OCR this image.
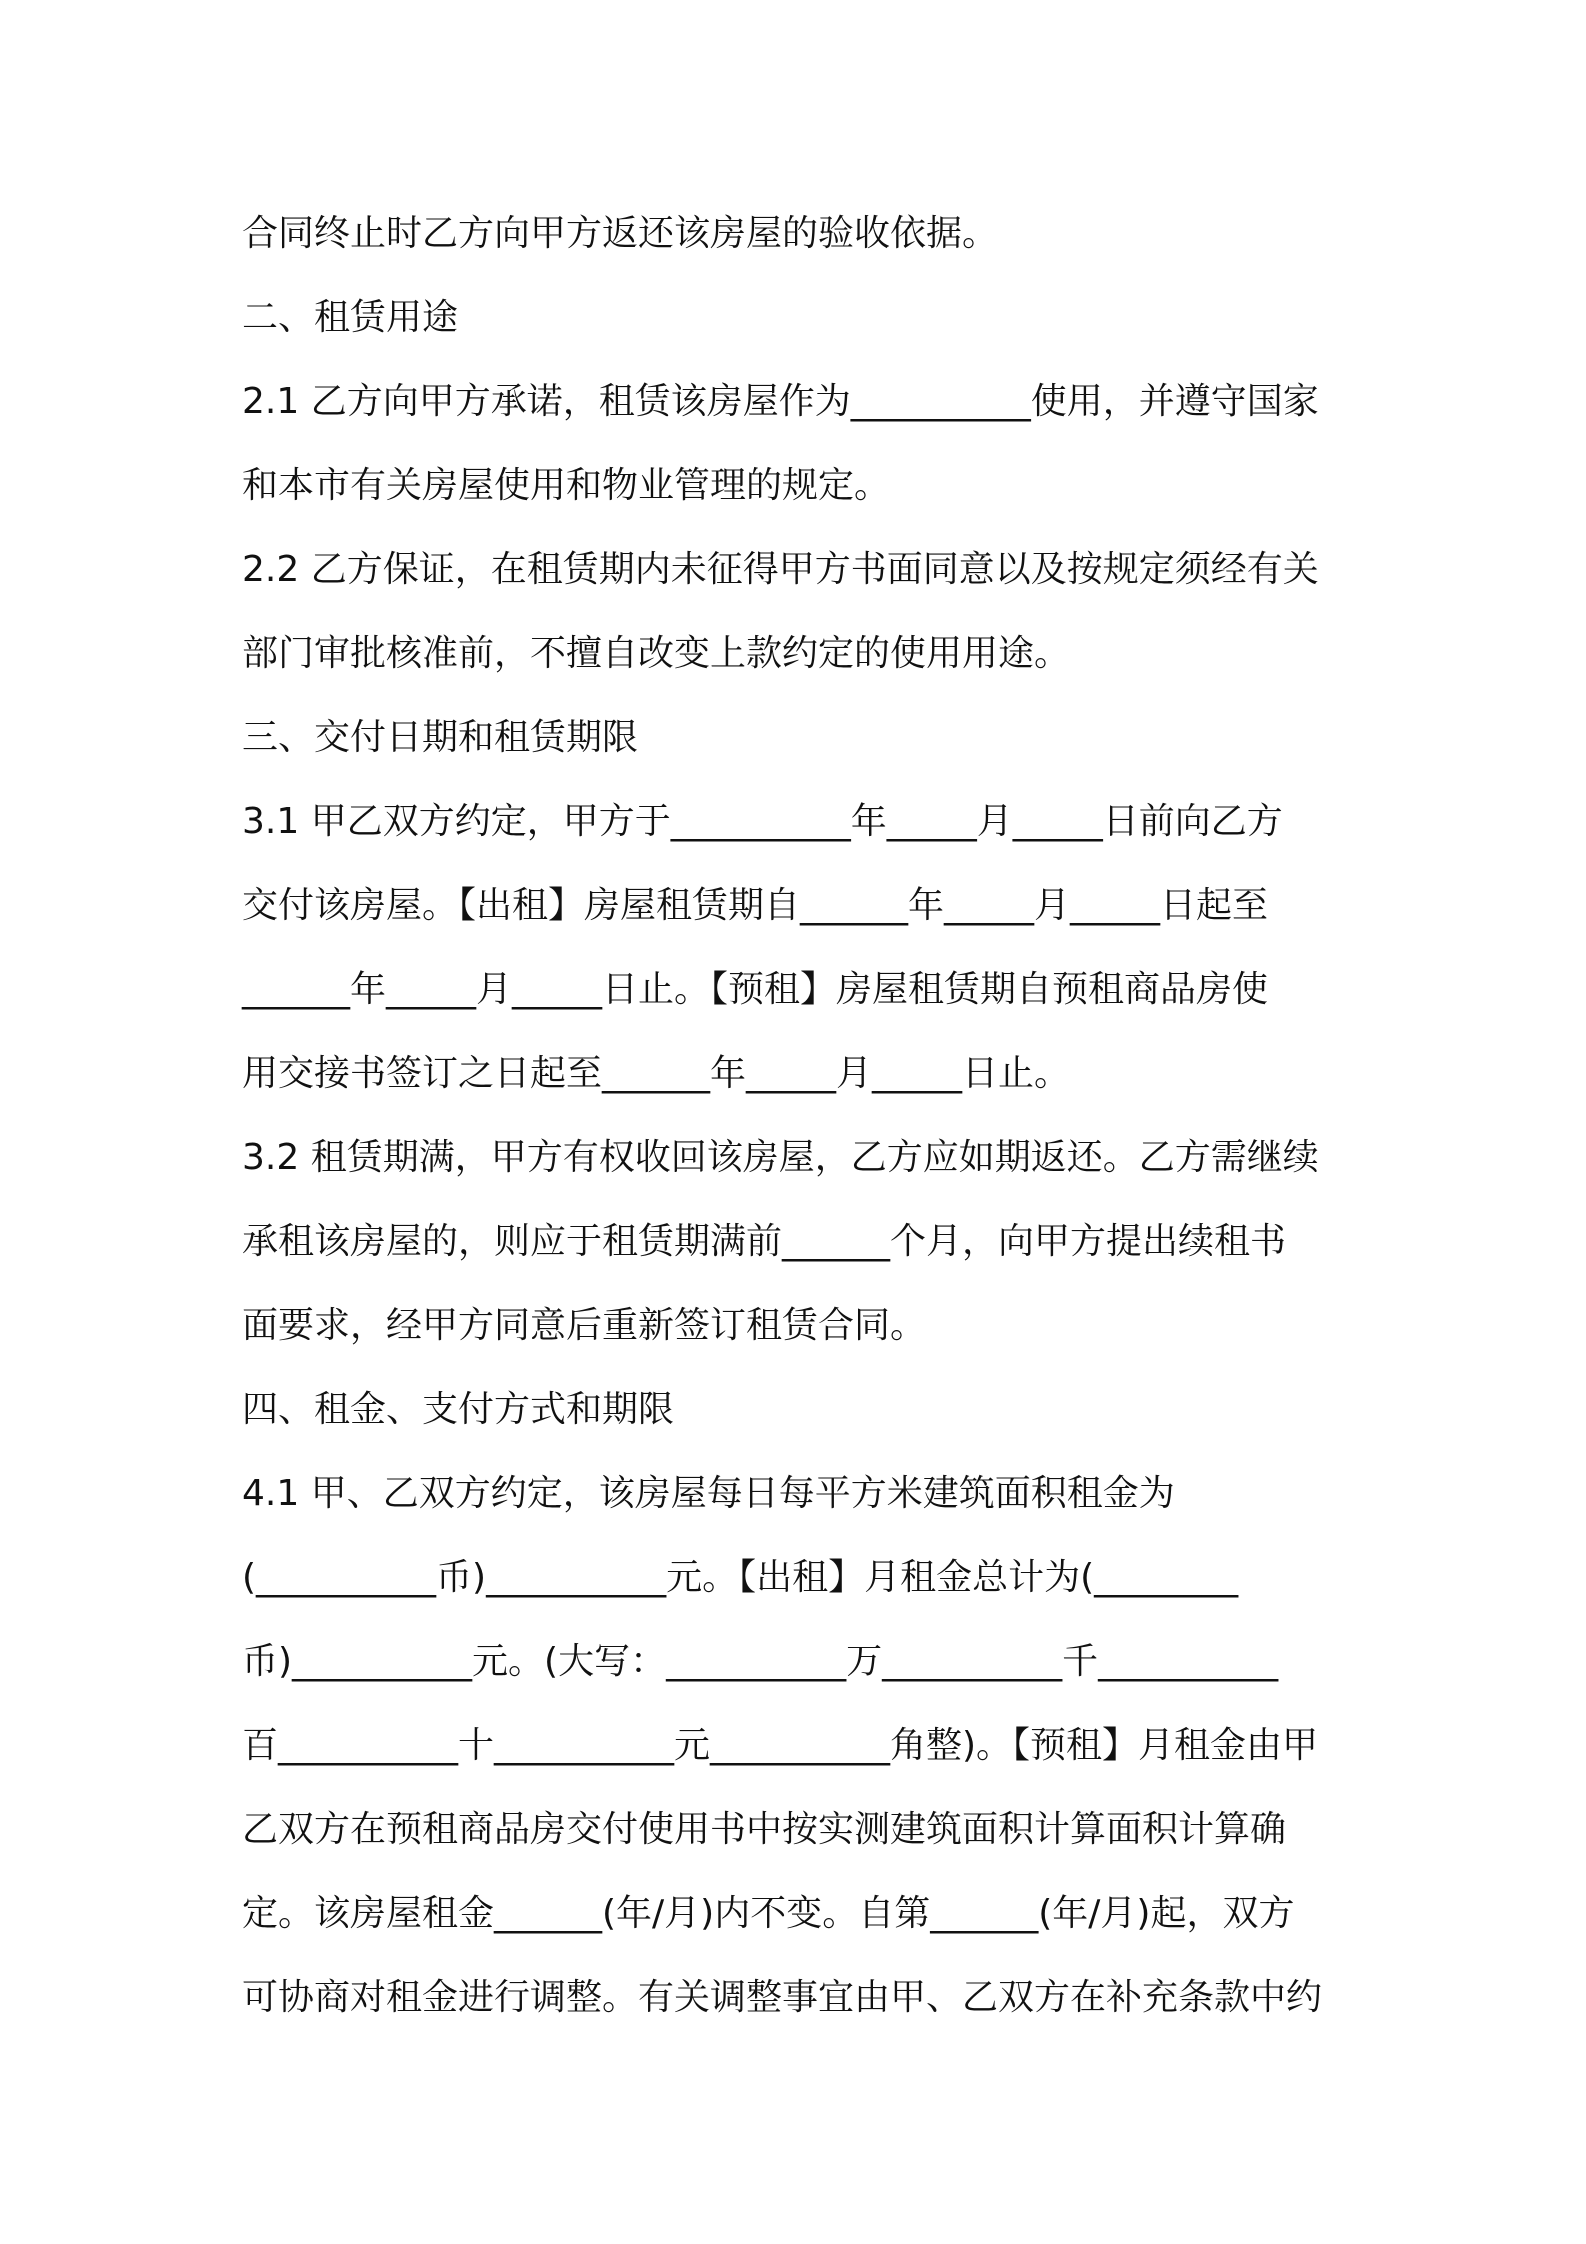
合同终止时乙方向甲方返还该房屋的验收依据。
二、租赁用途
2.1 乙方向甲方承诺，租赁该房屋作为__________使用，并遵守国家
和本市有关房屋使用和物业管理的规定。
2.2 乙方保证，在租赁期内未征得甲方书面同意以及按规定须经有关
部门审批核准前，不擅自改变上款约定的使用用途。
三、交付日期和租赁期限
3.1 甲乙双方约定，甲方于__________年_____月_____日前向乙方
交付该房屋。【出租】房屋租赁期自______年_____月_____日起至
______年_____月_____日止。【预租】房屋租赁期自预租商品房使
用交接书签订之日起至______年_____月_____日止。
3.2 租赁期满，甲方有权收回该房屋，乙方应如期返还。乙方需继续
承租该房屋的，则应于租赁期满前______个月，向甲方提出续租书
面要求，经甲方同意后重新签订租赁合同。
四、租金、支付方式和期限
4.1 甲、乙双方约定，该房屋每日每平方米建筑面积租金为
(__________币)__________元。【出租】月租金总计为(________
币)__________元。(大写：__________万__________千__________
百__________十__________元__________角整)。【预租】月租金由甲
乙双方在预租商品房交付使用书中按实测建筑面积计算面积计算确
定。该房屋租金______(年/月)内不变。自第______(年/月)起，双方
可协商对租金进行调整。有关调整事宜由甲、乙双方在补充条款中约
